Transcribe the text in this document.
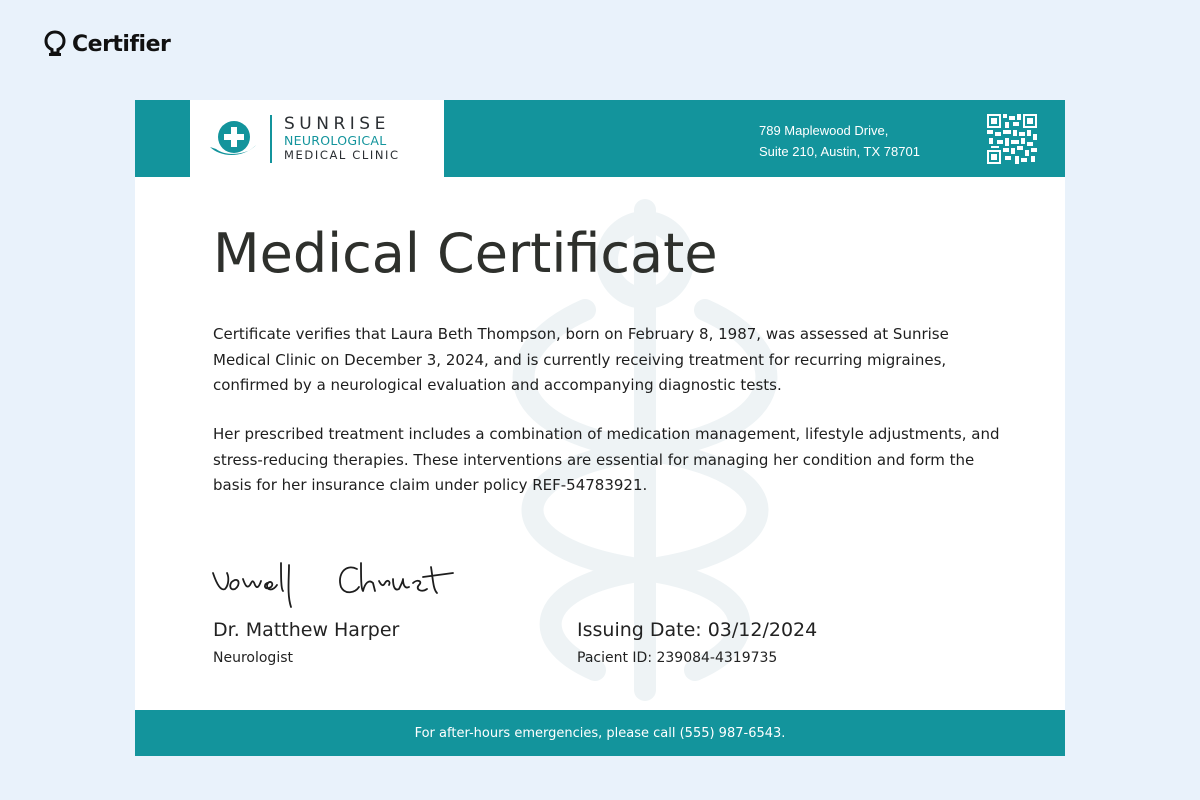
Certifier
SUNRISE
NEUROLOGICAL
MEDICAL CLINIC
789 Maplewood Drive,
Suite 210, Austin, TX 78701
Medical Certificate

Certificate verifies that Laura Beth Thompson, born on February 8, 1987, was assessed at Sunrise Medical Clinic on December 3, 2024, and is currently receiving treatment for recurring migraines, confirmed by a neurological evaluation and accompanying diagnostic tests.

Her prescribed treatment includes a combination of medication management, lifestyle adjustments, and stress-reducing therapies. These interventions are essential for managing her condition and form the basis for her insurance claim under policy REF-54783921.

Dr. Matthew Harper
Neurologist
Issuing Date: 03/12/2024
Pacient ID: 239084-4319735
For after-hours emergencies, please call (555) 987-6543.
